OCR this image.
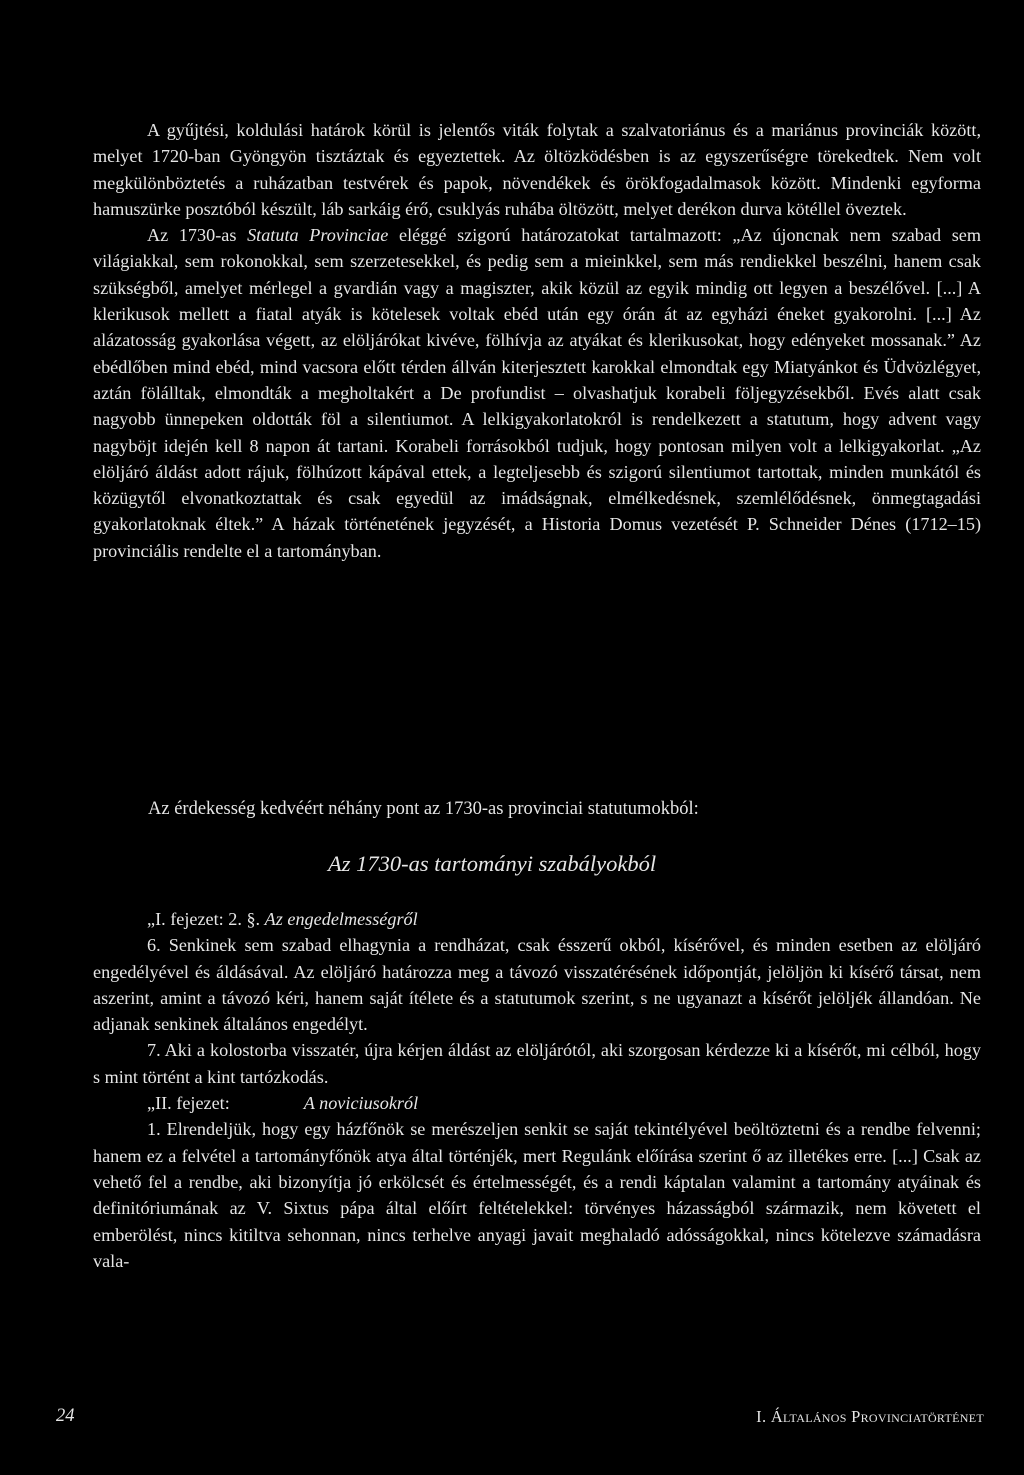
A gyűjtési, koldulási határok körül is jelentős viták folytak a szalvatoriánus és a mariánus provinciák között, melyet 1720-ban Gyöngyön tisztáztak és egyeztettek. Az öltözködésben is az egyszerűségre törekedtek. Nem volt megkülönböztetés a ruházatban testvérek és papok, növendékek és örökfogadalmasok között. Mindenki egyforma hamuszürke posztóból készült, láb sarkáig érő, csuklyás ruhába öltözött, melyet derékon durva kötéllel öveztek.

Az 1730-as Statuta Provinciae eléggé szigorú határozatokat tartalmazott: „Az újoncnak nem szabad sem világiakkal, sem rokonokkal, sem szerzetesekkel, és pedig sem a mieinkkel, sem más rendiekkel beszélni, hanem csak szükségből, amelyet mérlegel a gvardián vagy a magiszter, akik közül az egyik mindig ott legyen a beszélővel. [...] A klerikusok mellett a fiatal atyák is kötelesek voltak ebéd után egy órán át az egyházi éneket gyakorolni. [...] Az alázatosság gyakorlása végett, az elöljárókat kivéve, fölhívja az atyákat és klerikusokat, hogy edényeket mossanak.” Az ebédlőben mind ebéd, mind vacsora előtt térden állván kiterjesztett karokkal elmondtak egy Miatyánkot és Üdvözlégyet, aztán fölálltak, elmondták a megholtakért a De profundist – olvashatjuk korabeli följegyzésekből. Evés alatt csak nagyobb ünnepeken oldották föl a silentiumot. A lelkigyakorlatokról is rendelkezett a statutum, hogy advent vagy nagyböjt idején kell 8 napon át tartani. Korabeli forrásokból tudjuk, hogy pontosan milyen volt a lelkigyakorlat. „Az elöljáró áldást adott rájuk, fölhúzott kápával ettek, a legteljesebb és szigorú silentiumot tartottak, minden munkától és közügytől elvonatkoztattak és csak egyedül az imádságnak, elmélkedésnek, szemlélődésnek, önmegtagadási gyakorlatoknak éltek.” A házak történetének jegyzését, a Historia Domus vezetését P. Schneider Dénes (1712–15) provinciális rendelte el a tartományban.

Az érdekesség kedvéért néhány pont az 1730-as provinciai statutumokból:
Az 1730-as tartományi szabályokból

„I. fejezet: 2. §. Az engedelmességről

6. Senkinek sem szabad elhagynia a rendházat, csak ésszerű okból, kísérővel, és minden esetben az elöljáró engedélyével és áldásával. Az elöljáró határozza meg a távozó visszatérésének időpontját, jelöljön ki kísérő társat, nem aszerint, amint a távozó kéri, hanem saját ítélete és a statutumok szerint, s ne ugyanazt a kísérőt jelöljék állandóan. Ne adjanak senkinek általános engedélyt.

7. Aki a kolostorba visszatér, újra kérjen áldást az elöljárótól, aki szorgosan kérdezze ki a kísérőt, mi célból, hogy s mint történt a kint tartózkodás.

„II. fejezet:	A noviciusokról

1. Elrendeljük, hogy egy házfőnök se merészeljen senkit se saját tekintélyével beöltöztetni és a rendbe felvenni; hanem ez a felvétel a tartományfőnök atya által történjék, mert Regulánk előírása szerint ő az illetékes erre. [...] Csak az vehető fel a rendbe, aki bizonyítja jó erkölcsét és értelmességét, és a rendi káptalan valamint a tartomány atyáinak és definitóriumának az V. Sixtus pápa által előírt feltételekkel: törvényes házasságból származik, nem követett el emberölést, nincs kitiltva sehonnan, nincs terhelve anyagi javait meghaladó adósságokkal, nincs kötelezve számadásra vala-

24	I. Általános Provinciatörténet
